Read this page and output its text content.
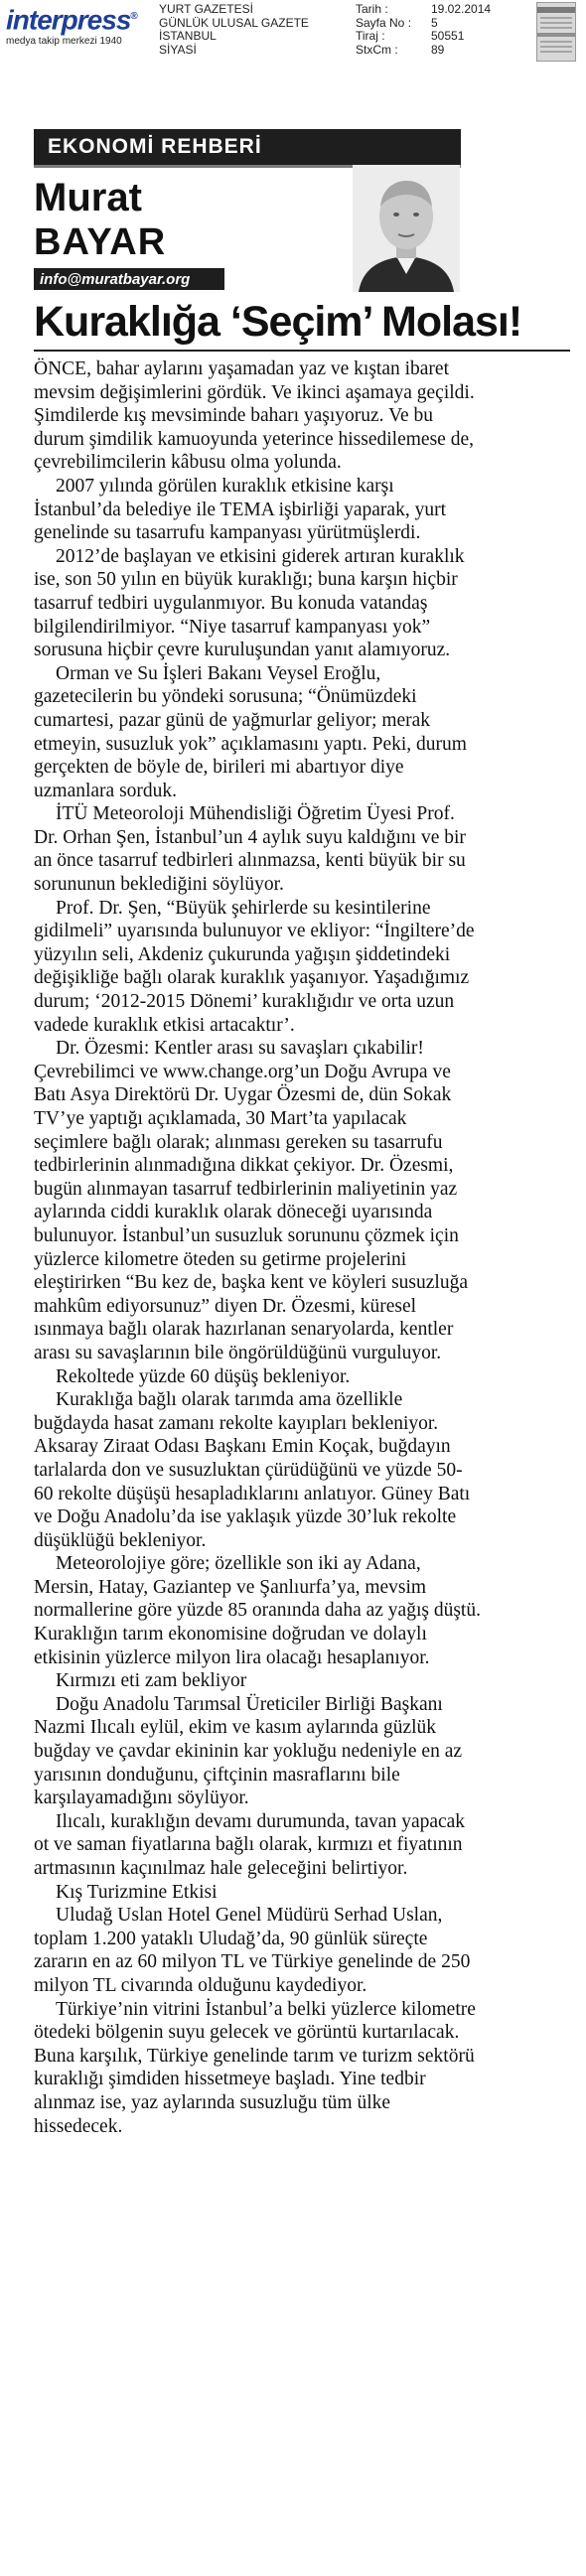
interpress®
medya takip merkezi 1940
YURT GAZETESİ
GÜNLÜK ULUSAL GAZETE
İSTANBUL
SİYASİ
Tarih :	19.02.2014
Sayfa No :	5
Tiraj :	50551
StxCm :	89
EKONOMİ REHBERİ
Murat
BAYAR
info@muratbayar.org
Kuraklığa ‘Seçim’ Molası!

ÖNCE, bahar aylarını yaşamadan yaz ve kıştan ibaret mevsim değişimlerini gördük. Ve ikinci aşamaya geçildi. Şimdilerde kış mevsiminde baharı yaşıyoruz. Ve bu durum şimdilik kamuoyunda yeterince hissedilemese de, çevrebilimcilerin kâbusu olma yolunda.

2007 yılında görülen kuraklık etkisine karşı İstanbul’da belediye ile TEMA işbirliği yaparak, yurt genelinde su tasarrufu kampanyası yürütmüşlerdi.

2012’de başlayan ve etkisini giderek artıran kuraklık ise, son 50 yılın en büyük kuraklığı; buna karşın hiçbir tasarruf tedbiri uygulanmıyor. Bu konuda vatandaş bilgilendirilmiyor. “Niye tasarruf kampanyası yok” sorusuna hiçbir çevre kuruluşundan yanıt alamıyoruz.

Orman ve Su İşleri Bakanı Veysel Eroğlu, gazetecilerin bu yöndeki sorusuna; “Önümüzdeki cumartesi, pazar günü de yağmurlar geliyor; merak etmeyin, susuzluk yok” açıklamasını yaptı. Peki, durum gerçekten de böyle de, birileri mi abartıyor diye uzmanlara sorduk.

İTÜ Meteoroloji Mühendisliği Öğretim Üyesi Prof. Dr. Orhan Şen, İstanbul’un 4 aylık suyu kaldığını ve bir an önce tasarruf tedbirleri alınmazsa, kenti büyük bir su sorununun beklediğini söylüyor.

Prof. Dr. Şen, “Büyük şehirlerde su kesintilerine gidilmeli” uyarısında bulunuyor ve ekliyor: “İngiltere’de yüzyılın seli, Akdeniz çukurunda yağışın şiddetindeki değişikliğe bağlı olarak kuraklık yaşanıyor. Yaşadığımız durum; ‘2012-2015 Dönemi’ kuraklığıdır ve orta uzun vadede kuraklık etkisi artacaktır’.

Dr. Özesmi: Kentler arası su savaşları çıkabilir!

Çevrebilimci ve www.change.org’un Doğu Avrupa ve Batı Asya Direktörü Dr. Uygar Özesmi de, dün Sokak TV’ye yaptığı açıklamada, 30 Mart’ta yapılacak seçimlere bağlı olarak; alınması gereken su tasarrufu tedbirlerinin alınmadığına dikkat çekiyor. Dr. Özesmi, bugün alınmayan tasarruf tedbirlerinin maliyetinin yaz aylarında ciddi kuraklık olarak döneceği uyarısında bulunuyor. İstanbul’un susuzluk sorununu çözmek için yüzlerce kilometre öteden su getirme projelerini eleştirirken “Bu kez de, başka kent ve köyleri susuzluğa mahkûm ediyorsunuz” diyen Dr. Özesmi, küresel ısınmaya bağlı olarak hazırlanan senaryolarda, kentler arası su savaşlarının bile öngörüldüğünü vurguluyor.

Rekoltede yüzde 60 düşüş bekleniyor.

Kuraklığa bağlı olarak tarımda ama özellikle buğdayda hasat zamanı rekolte kayıpları bekleniyor. Aksaray Ziraat Odası Başkanı Emin Koçak, buğdayın tarlalarda don ve susuzluktan çürüdüğünü ve yüzde 50-60 rekolte düşüşü hesapladıklarını anlatıyor. Güney Batı ve Doğu Anadolu’da ise yaklaşık yüzde 30’luk rekolte düşüklüğü bekleniyor.

Meteorolojiye göre; özellikle son iki ay Adana, Mersin, Hatay, Gaziantep ve Şanlıurfa’ya, mevsim normallerine göre yüzde 85 oranında daha az yağış düştü. Kuraklığın tarım ekonomisine doğrudan ve dolaylı etkisinin yüzlerce milyon lira olacağı hesaplanıyor.

Kırmızı eti zam bekliyor

Doğu Anadolu Tarımsal Üreticiler Birliği Başkanı Nazmi Ilıcalı eylül, ekim ve kasım aylarında güzlük buğday ve çavdar ekininin kar yokluğu nedeniyle en az yarısının donduğunu, çiftçinin masraflarını bile karşılayamadığını söylüyor.

Ilıcalı, kuraklığın devamı durumunda, tavan yapacak ot ve saman fiyatlarına bağlı olarak, kırmızı et fiyatının artmasının kaçınılmaz hale geleceğini belirtiyor.

Kış Turizmine Etkisi

Uludağ Uslan Hotel Genel Müdürü Serhad Uslan, toplam 1.200 yataklı Uludağ’da, 90 günlük süreçte zararın en az 60 milyon TL ve Türkiye genelinde de 250 milyon TL civarında olduğunu kaydediyor.

Türkiye’nin vitrini İstanbul’a belki yüzlerce kilometre ötedeki bölgenin suyu gelecek ve görüntü kurtarılacak. Buna karşılık, Türkiye genelinde tarım ve turizm sektörü kuraklığı şimdiden hissetmeye başladı. Yine tedbir alınmaz ise, yaz aylarında susuzluğu tüm ülke hissedecek.
